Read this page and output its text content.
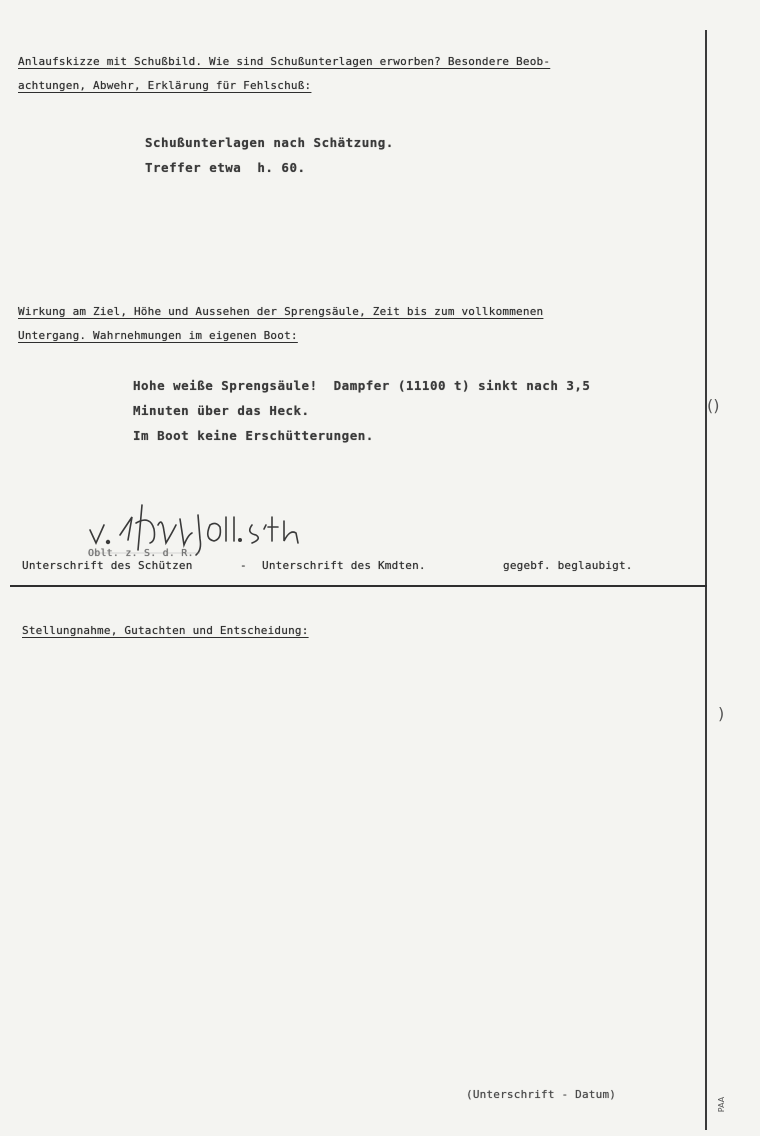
Anlaufskizze mit Schußbild. Wie sind Schußunterlagen erworben? Besondere Beob-

achtungen, Abwehr, Erklärung für Fehlschuß:

Schußunterlagen nach Schätzung.

Treffer etwa  h. 60.

Wirkung am Ziel, Höhe und Aussehen der Sprengsäule, Zeit bis zum vollkommenen

Untergang. Wahrnehmungen im eigenen Boot:

Hohe weiße Sprengsäule!  Dampfer (11100 t) sinkt nach 3,5

Minuten über das Heck.

Im Boot keine Erschütterungen.

()
)

Oblt. z. S. d. R.

Unterschrift des Schützen	- Unterschrift des Kmdten.	gegebf. beglaubigt.

Stellungnahme, Gutachten und Entscheidung:

(Unterschrift - Datum)

PAA
